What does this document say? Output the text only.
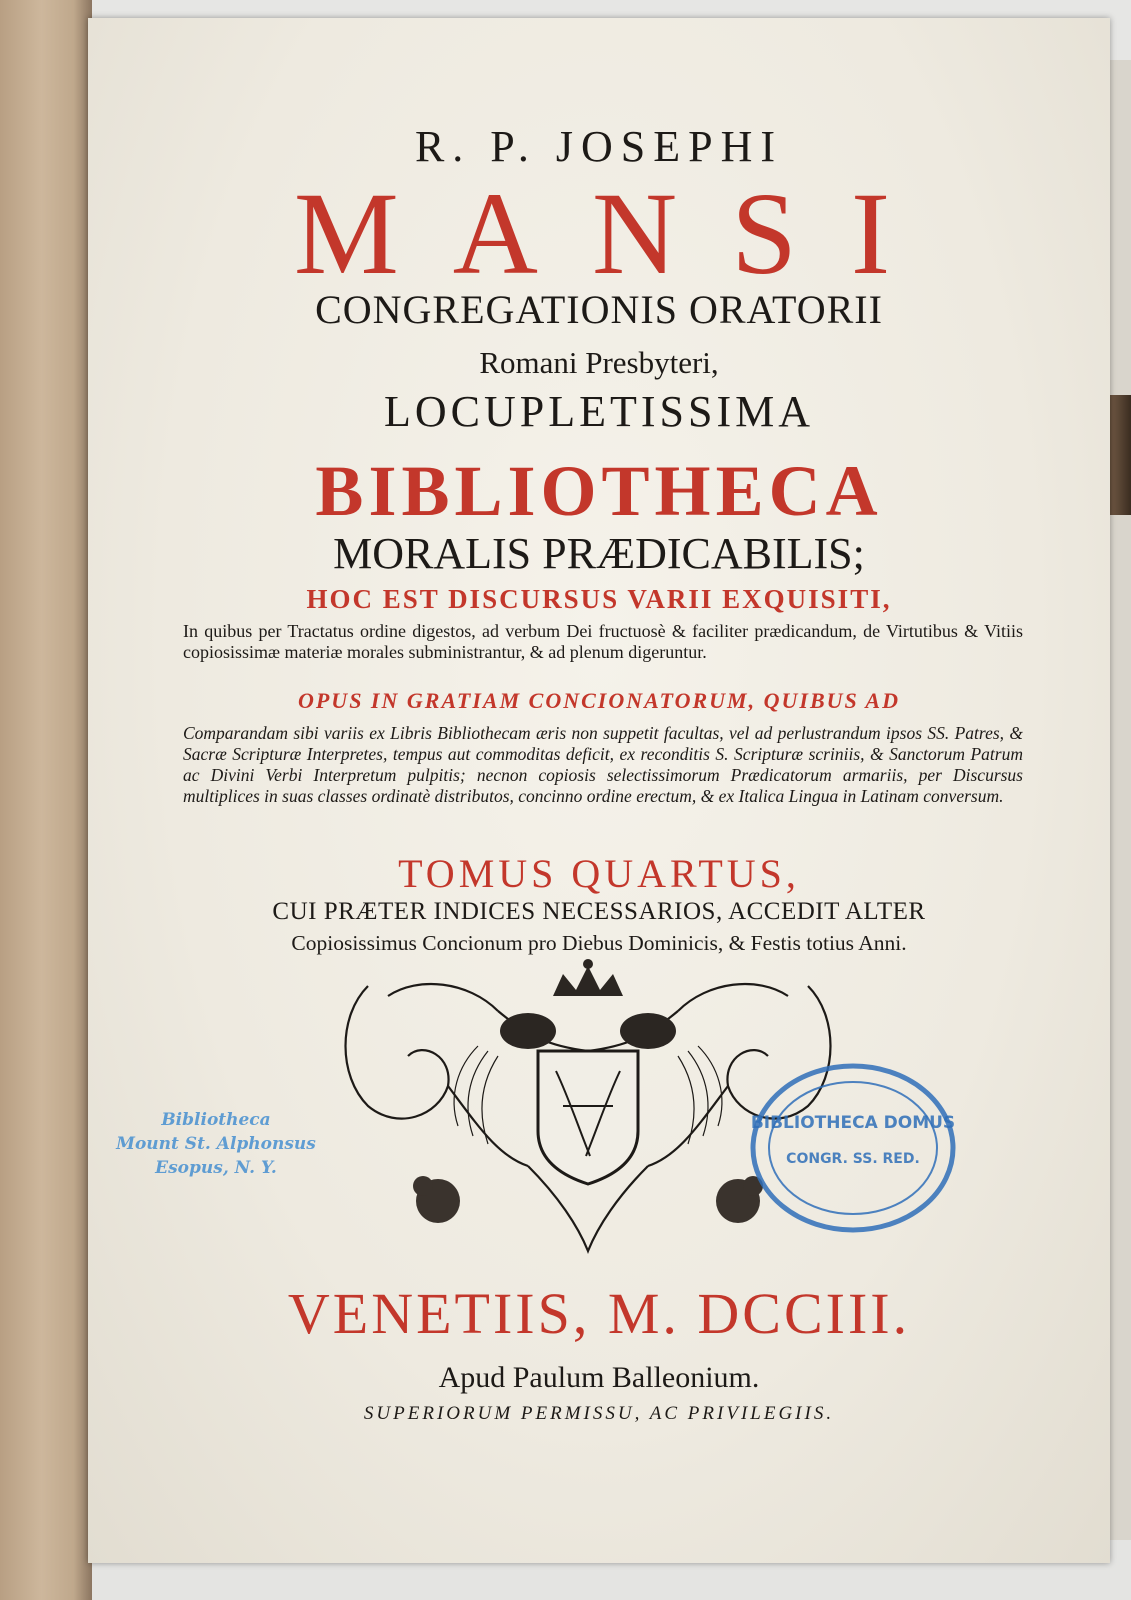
R. P. JOSEPHI
MANSI
CONGREGATIONIS ORATORII
Romani Presbyteri,
LOCUPLETISSIMA
BIBLIOTHECA
MORALIS PRÆDICABILIS;
HOC EST DISCURSUS VARII EXQUISITI,
In quibus per Tractatus ordine digestos, ad verbum Dei fructuosè & faciliter prædicandum, de Virtutibus & Vitiis copiosissimæ materiæ morales subministrantur, & ad plenum digeruntur.
OPUS IN GRATIAM CONCIONATORUM, QUIBUS AD
Comparandam sibi variis ex Libris Bibliothecam æris non suppetit facultas, vel ad perlustrandum ipsos SS. Patres, & Sacræ Scripturæ Interpretes, tempus aut commoditas deficit, ex reconditis S. Scripturæ scriniis, & Sanctorum Patrum ac Divini Verbi Interpretum pulpitis; necnon copiosis selectissimorum Prædicatorum armariis, per Discursus multiplices in suas classes ordinatè distributos, concinno ordine erectum, & ex Italica Lingua in Latinam conversum.
TOMUS QUARTUS,
CUI PRÆTER INDICES NECESSARIOS, ACCEDIT ALTER
Copiosissimus Concionum pro Diebus Dominicis, & Festis totius Anni.
Bibliotheca
Mount St. Alphonsus
Esopus, N. Y.
BIBLIOTHECA DOMUS
CONGR. SS. RED.
VENETIIS, M. DCCIII.
Apud Paulum Balleonium.
SUPERIORUM PERMISSU, AC PRIVILEGIIS.
